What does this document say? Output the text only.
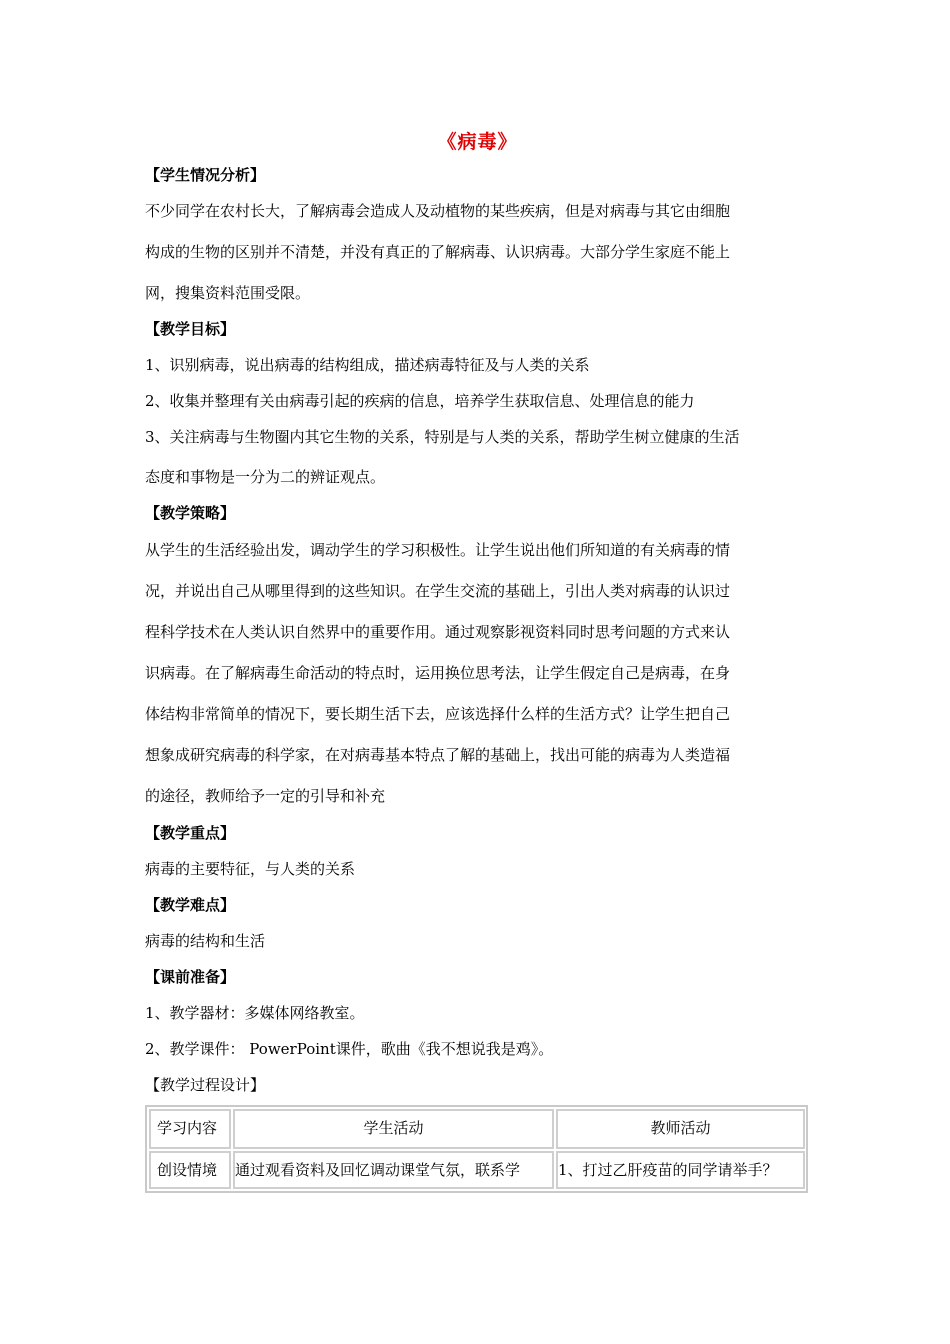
《病毒》
【学生情况分析】
不少同学在农村长大，了解病毒会造成人及动植物的某些疾病，但是对病毒与其它由细胞
构成的生物的区别并不清楚，并没有真正的了解病毒、认识病毒。大部分学生家庭不能上
网，搜集资料范围受限。
【教学目标】
1、识别病毒，说出病毒的结构组成，描述病毒特征及与人类的关系
2、收集并整理有关由病毒引起的疾病的信息，培养学生获取信息、处理信息的能力
3、关注病毒与生物圈内其它生物的关系，特别是与人类的关系，帮助学生树立健康的生活
态度和事物是一分为二的辨证观点。
【教学策略】
从学生的生活经验出发，调动学生的学习积极性。让学生说出他们所知道的有关病毒的情
况，并说出自己从哪里得到的这些知识。在学生交流的基础上，引出人类对病毒的认识过
程科学技术在人类认识自然界中的重要作用。通过观察影视资料同时思考问题的方式来认
识病毒。在了解病毒生命活动的特点时，运用换位思考法，让学生假定自己是病毒，在身
体结构非常简单的情况下，要长期生活下去，应该选择什么样的生活方式？让学生把自己
想象成研究病毒的科学家，在对病毒基本特点了解的基础上，找出可能的病毒为人类造福
的途径，教师给予一定的引导和补充
【教学重点】
病毒的主要特征，与人类的关系
【教学难点】
病毒的结构和生活
【课前准备】
1、教学器材：多媒体网络教室。
2、教学课件： PowerPoint课件，歌曲《我不想说我是鸡》。
【教学过程设计】
学习内容	学生活动	教师活动
创设情境	通过观看资料及回忆调动课堂气氛，联系学	1、打过乙肝疫苗的同学请举手？
